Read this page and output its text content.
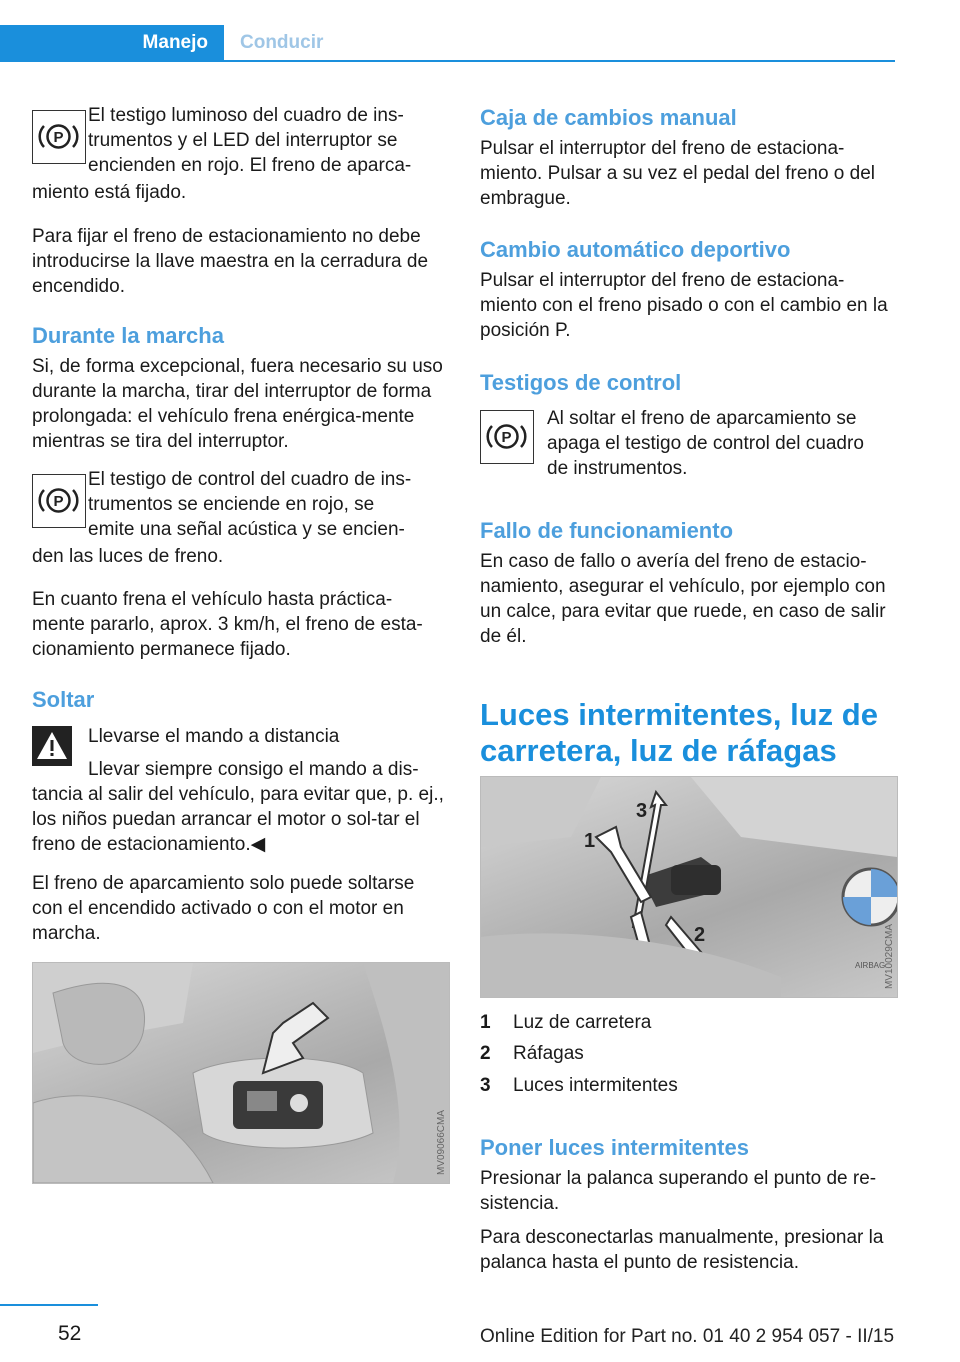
Manejo Conducir
P

El testigo luminoso del cuadro de ins-
trumentos y el LED del interruptor se
encienden en rojo. El freno de aparca-

miento está fijado.

Para fijar el freno de estacionamiento no debe introducirse la llave maestra en la cerradura de encendido.

Durante la marcha

Si, de forma excepcional, fuera necesario su uso durante la marcha, tirar del interruptor de forma prolongada: el vehículo frena enérgica-mente mientras se tira del interruptor.

P

El testigo de control del cuadro de ins-
trumentos se enciende en rojo, se
emite una señal acústica y se encien-

den las luces de freno.

En cuanto frena el vehículo hasta práctica-mente pararlo, aprox. 3 km/h, el freno de esta-cionamiento permanece fijado.

Soltar

Llevarse el mando a distancia

Llevar siempre consigo el mando a dis-

tancia al salir del vehículo, para evitar que, p. ej., los niños puedan arrancar el motor o sol-tar el freno de estacionamiento.◀

El freno de aparcamiento solo puede soltarse con el encendido activado o con el motor en marcha.

MV09066CMA
Caja de cambios manual

Pulsar el interruptor del freno de estaciona-miento. Pulsar a su vez el pedal del freno o del embrague.

Cambio automático deportivo

Pulsar el interruptor del freno de estaciona-miento con el freno pisado o con el cambio en la posición P.

Testigos de control
P

Al soltar el freno de aparcamiento se
apaga el testigo de control del cuadro
de instrumentos.

Fallo de funcionamiento

En caso de fallo o avería del freno de estacio-namiento, asegurar el vehículo, por ejemplo con un calce, para evitar que ruede, en caso de salir de él.

Luces intermitentes, luz de carretera, luz de ráfagas
3
1
2
AIRBAG
MV10029CMA
1 Luz de carretera
2 Ráfagas
3 Luces intermitentes
Poner luces intermitentes

Presionar la palanca superando el punto de re-sistencia.

Para desconectarlas manualmente, presionar la palanca hasta el punto de resistencia.

52	Online Edition for Part no. 01 40 2 954 057 - II/15
